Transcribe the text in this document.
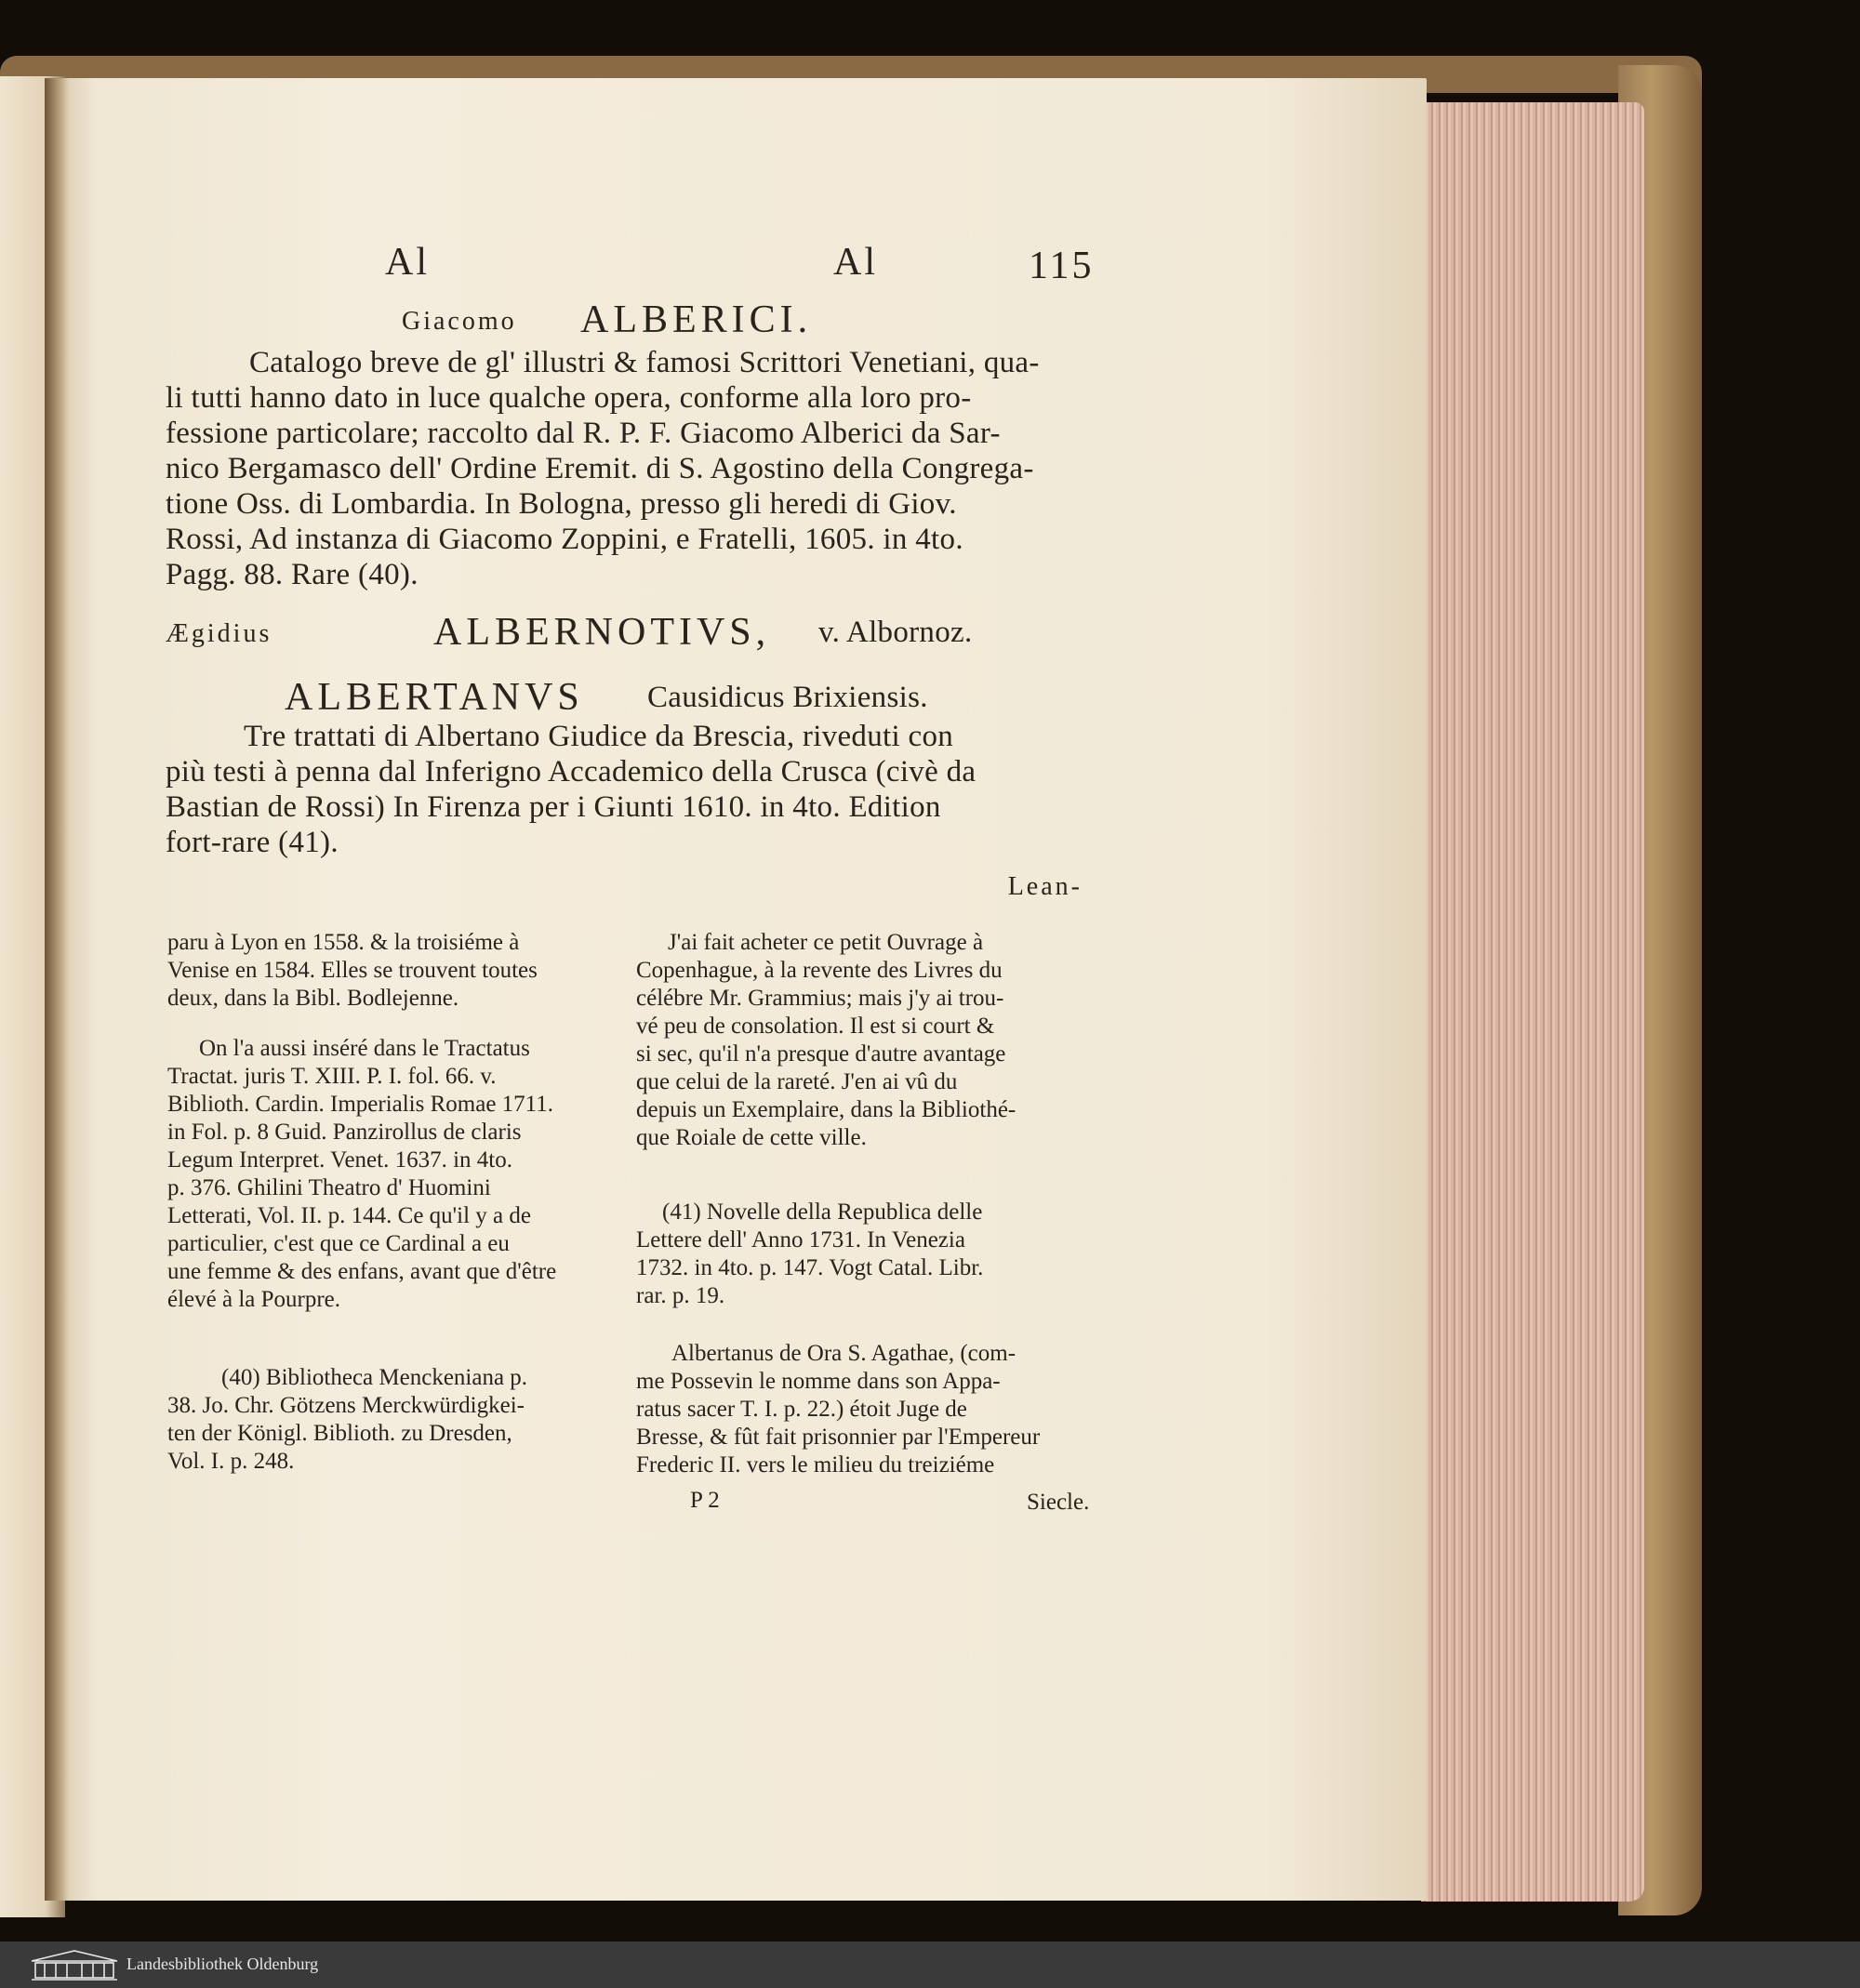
Al	Al	115
Giacomo ALBERICI.
Catalogo breve de gl' illustri & famosi Scrittori Venetiani, qua-
li tutti hanno dato in luce qualche opera, conforme alla loro pro-
fessione particolare; raccolto dal R. P. F. Giacomo Alberici da Sar-
nico Bergamasco dell' Ordine Eremit. di S. Agostino della Congrega-
tione Oss. di Lombardia. In Bologna, presso gli heredi di Giov.
Rossi, Ad instanza di Giacomo Zoppini, e Fratelli, 1605. in 4to.
Pagg. 88. Rare (40).
Ægidius	ALBERNOTIVS, v. Albornoz.
ALBERTANVS Causidicus Brixiensis.
Tre trattati di Albertano Giudice da Brescia, riveduti con
più testi à penna dal Inferigno Accademico della Crusca (civè da
Bastian de Rossi) In Firenza per i Giunti 1610. in 4to. Edition
fort-rare (41).
Lean-
paru à Lyon en 1558. & la troisiéme à
Venise en 1584. Elles se trouvent toutes
deux, dans la Bibl. Bodlejenne.
On l'a aussi inséré dans le Tractatus
Tractat. juris T. XIII. P. I. fol. 66. v.
Biblioth. Cardin. Imperialis Romae 1711.
in Fol. p. 8 Guid. Panzirollus de claris
Legum Interpret. Venet. 1637. in 4to.
p. 376. Ghilini Theatro d' Huomini
Letterati, Vol. II. p. 144. Ce qu'il y a de
particulier, c'est que ce Cardinal a eu
une femme & des enfans, avant que d'être
élevé à la Pourpre.
(40) Bibliotheca Menckeniana p.
38. Jo. Chr. Götzens Merckwürdigkei-
ten der Königl. Biblioth. zu Dresden,
Vol. I. p. 248.
J'ai fait acheter ce petit Ouvrage à
Copenhague, à la revente des Livres du
célébre Mr. Grammius; mais j'y ai trou-
vé peu de consolation. Il est si court &
si sec, qu'il n'a presque d'autre avantage
que celui de la rareté. J'en ai vû du
depuis un Exemplaire, dans la Bibliothé-
que Roiale de cette ville.
(41) Novelle della Republica delle
Lettere dell' Anno 1731. In Venezia
1732. in 4to. p. 147. Vogt Catal. Libr.
rar. p. 19.
Albertanus de Ora S. Agathae, (com-
me Possevin le nomme dans son Appa-
ratus sacer T. I. p. 22.) étoit Juge de
Bresse, & fût fait prisonnier par l'Empereur
Frederic II. vers le milieu du treiziéme
P 2	Siecle.
Landesbibliothek Oldenburg
